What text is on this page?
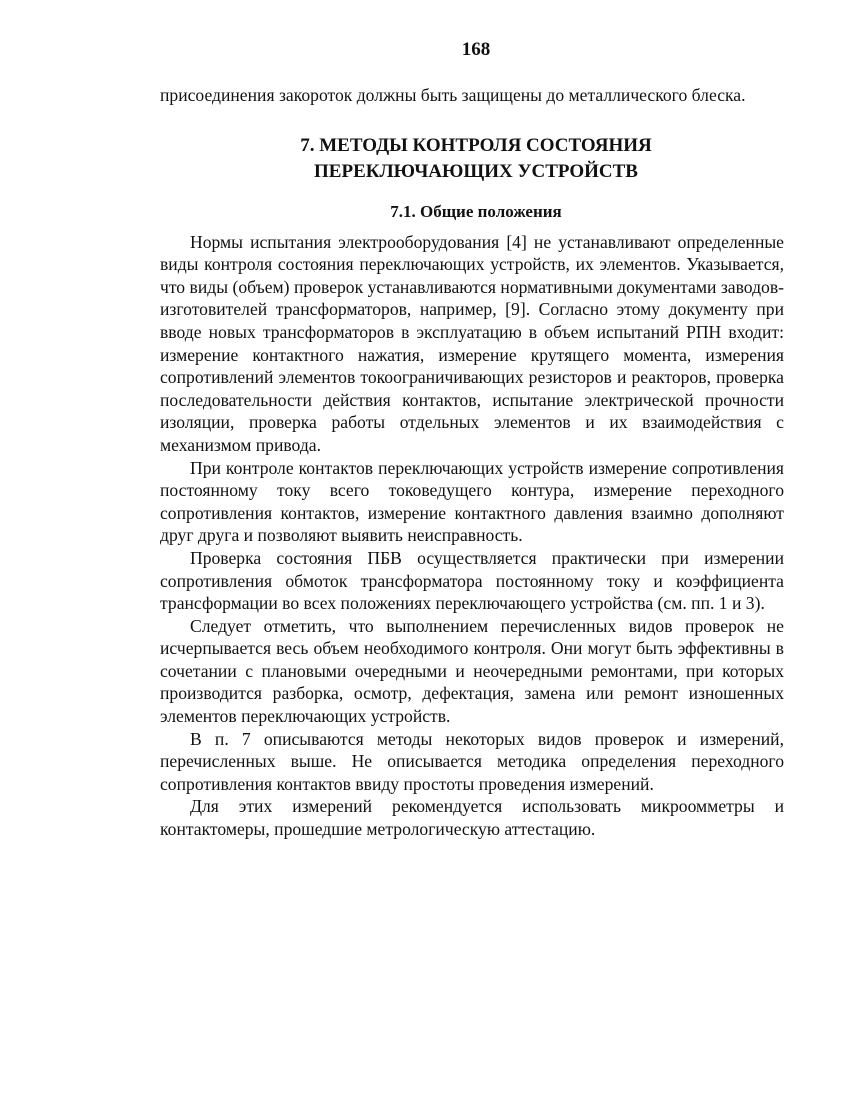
168

присоединения закороток должны быть защищены до металлического блеска.

7. МЕТОДЫ КОНТРОЛЯ СОСТОЯНИЯ
ПЕРЕКЛЮЧАЮЩИХ УСТРОЙСТВ
7.1. Общие положения

Нормы испытания электрооборудования [4] не устанавливают определенные виды контроля состояния переключающих устройств, их элементов. Указывается, что виды (объем) проверок устанавливаются нормативными документами заводов-изготовителей трансформаторов, например, [9]. Согласно этому документу при вводе новых трансформаторов в эксплуатацию в объем испытаний РПН входит: измерение контактного нажатия, измерение крутящего момента, измерения сопротивлений элементов токоограничивающих резисторов и реакторов, проверка последовательности действия контактов, испытание электрической прочности изоляции, проверка работы отдельных элементов и их взаимодействия с механизмом привода.

При контроле контактов переключающих устройств измерение сопротивления постоянному току всего токоведущего контура, измерение переходного сопротивления контактов, измерение контактного давления взаимно дополняют друг друга и позволяют выявить неисправность.

Проверка состояния ПБВ осуществляется практически при измерении сопротивления обмоток трансформатора постоянному току и коэффициента трансформации во всех положениях переключающего устройства (см. пп. 1 и 3).

Следует отметить, что выполнением перечисленных видов проверок не исчерпывается весь объем необходимого контроля. Они могут быть эффективны в сочетании с плановыми очередными и неочередными ремонтами, при которых производится разборка, осмотр, дефектация, замена или ремонт изношенных элементов переключающих устройств.

В п. 7 описываются методы некоторых видов проверок и измерений, перечисленных выше. Не описывается методика определения переходного сопротивления контактов ввиду простоты проведения измерений.

Для этих измерений рекомендуется использовать микроомметры и контактомеры, прошедшие метрологическую аттестацию.
